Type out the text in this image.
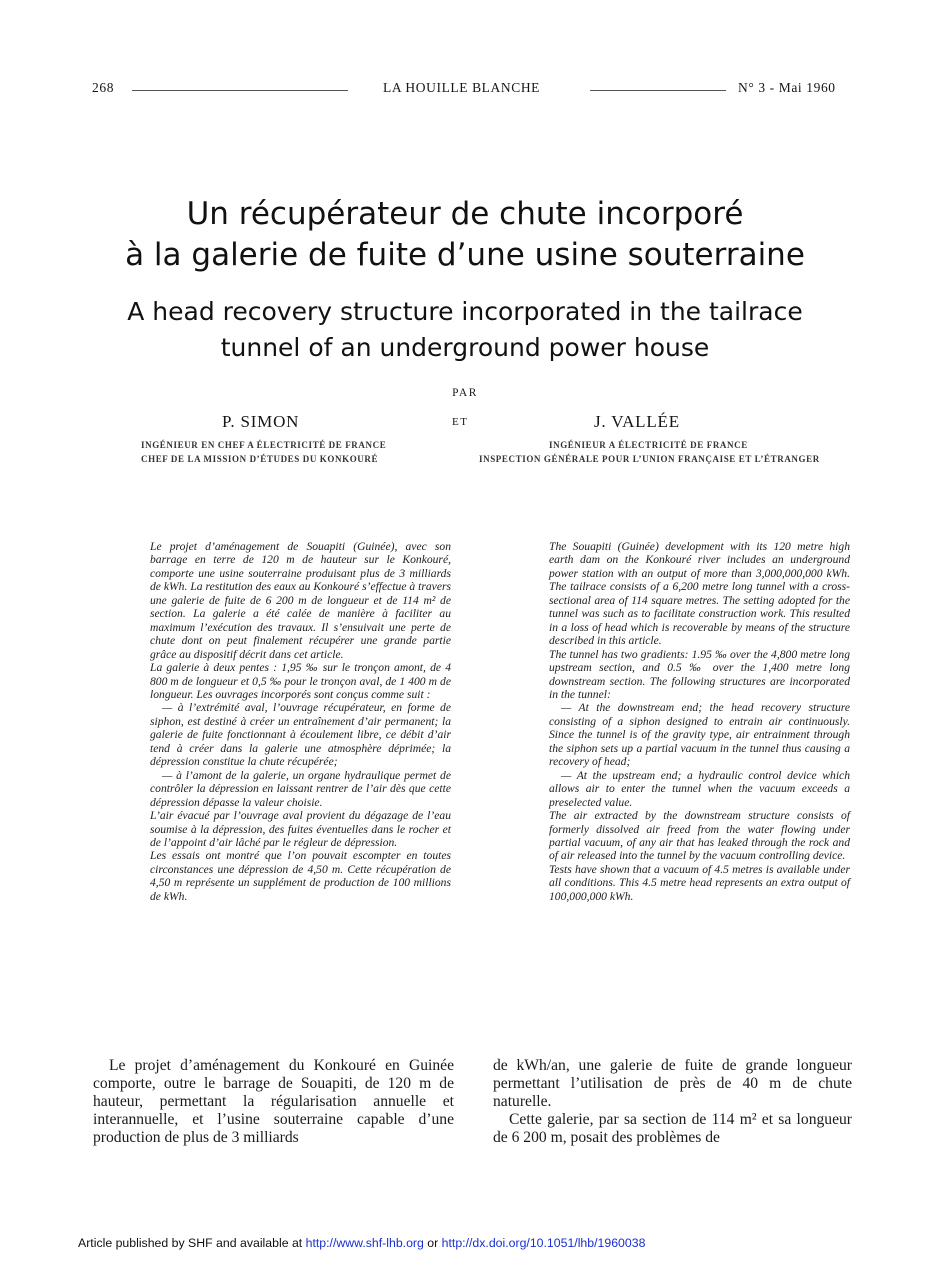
268	LA HOUILLE BLANCHE	N° 3 - Mai 1960
Un récupérateur de chute incorporé
à la galerie de fuite d’une usine souterraine
A head recovery structure incorporated in the tailrace
tunnel of an underground power house
PAR
P. SIMON	ET	J. VALLÉE
INGÉNIEUR EN CHEF A ÉLECTRICITÉ DE FRANCE
CHEF DE LA MISSION D’ÉTUDES DU KONKOURÉ
INGÉNIEUR A ÉLECTRICITÉ DE FRANCE
INSPECTION GÉNÉRALE POUR L’UNION FRANÇAISE ET L’ÉTRANGER

Le projet d’aménagement de Souapiti (Guinée), avec son barrage en terre de 120 m de hauteur sur le Konkouré, comporte une usine souterraine produisant plus de 3 milliards de kWh. La restitution des eaux au Konkouré s’effectue à travers une galerie de fuite de 6 200 m de longueur et de 114 m² de section. La galerie a été calée de manière à faciliter au maximum l’exécution des travaux. Il s’ensuivait une perte de chute dont on peut finalement récupérer une grande partie grâce au dispositif décrit dans cet article.

La galerie à deux pentes : 1,95 ‰ sur le tronçon amont, de 4 800 m de longueur et 0,5 ‰ pour le tronçon aval, de 1 400 m de longueur. Les ouvrages incorporés sont conçus comme suit :

— à l’extrémité aval, l’ouvrage récupérateur, en forme de siphon, est destiné à créer un entraînement d’air permanent; la galerie de fuite fonctionnant à écoulement libre, ce débit d’air tend à créer dans la galerie une atmosphère déprimée; la dépression constitue la chute récupérée;

— à l’amont de la galerie, un organe hydraulique permet de contrôler la dépression en laissant rentrer de l’air dès que cette dépression dépasse la valeur choisie.

L’air évacué par l’ouvrage aval provient du dégazage de l’eau soumise à la dépression, des fuites éventuelles dans le rocher et de l’appoint d’air lâché par le régleur de dépression.

Les essais ont montré que l’on pouvait escompter en toutes circonstances une dépression de 4,50 m. Cette récupération de 4,50 m représente un supplément de production de 100 millions de kWh.

The Souapiti (Guinée) development with its 120 metre high earth dam on the Konkouré river includes an underground power station with an output of more than 3,000,000,000 kWh. The tailrace consists of a 6,200 metre long tunnel with a cross-sectional area of 114 square metres. The setting adopted for the tunnel was such as to facilitate construction work. This resulted in a loss of head which is recoverable by means of the structure described in this article.

The tunnel has two gradients: 1.95 ‰ over the 4,800 metre long upstream section, and 0.5 ‰ over the 1,400 metre long downstream section. The following structures are incorporated in the tunnel:

— At the downstream end; the head recovery structure consisting of a siphon designed to entrain air continuously. Since the tunnel is of the gravity type, air entrainment through the siphon sets up a partial vacuum in the tunnel thus causing a recovery of head;

— At the upstream end; a hydraulic control device which allows air to enter the tunnel when the vacuum exceeds a preselected value.

The air extracted by the downstream structure consists of formerly dissolved air freed from the water flowing under partial vacuum, of any air that has leaked through the rock and of air released into the tunnel by the vacuum controlling device.

Tests have shown that a vacuum of 4.5 metres is available under all conditions. This 4.5 metre head represents an extra output of 100,000,000 kWh.

Le projet d’aménagement du Konkouré en Guinée comporte, outre le barrage de Souapiti, de 120 m de hauteur, permettant la régularisation annuelle et interannuelle, et l’usine souterraine capable d’une production de plus de 3 milliards

de kWh/an, une galerie de fuite de grande longueur permettant l’utilisation de près de 40 m de chute naturelle.

Cette galerie, par sa section de 114 m² et sa longueur de 6 200 m, posait des problèmes de

Article published by SHF and available at http://www.shf-lhb.org or http://dx.doi.org/10.1051/lhb/1960038
